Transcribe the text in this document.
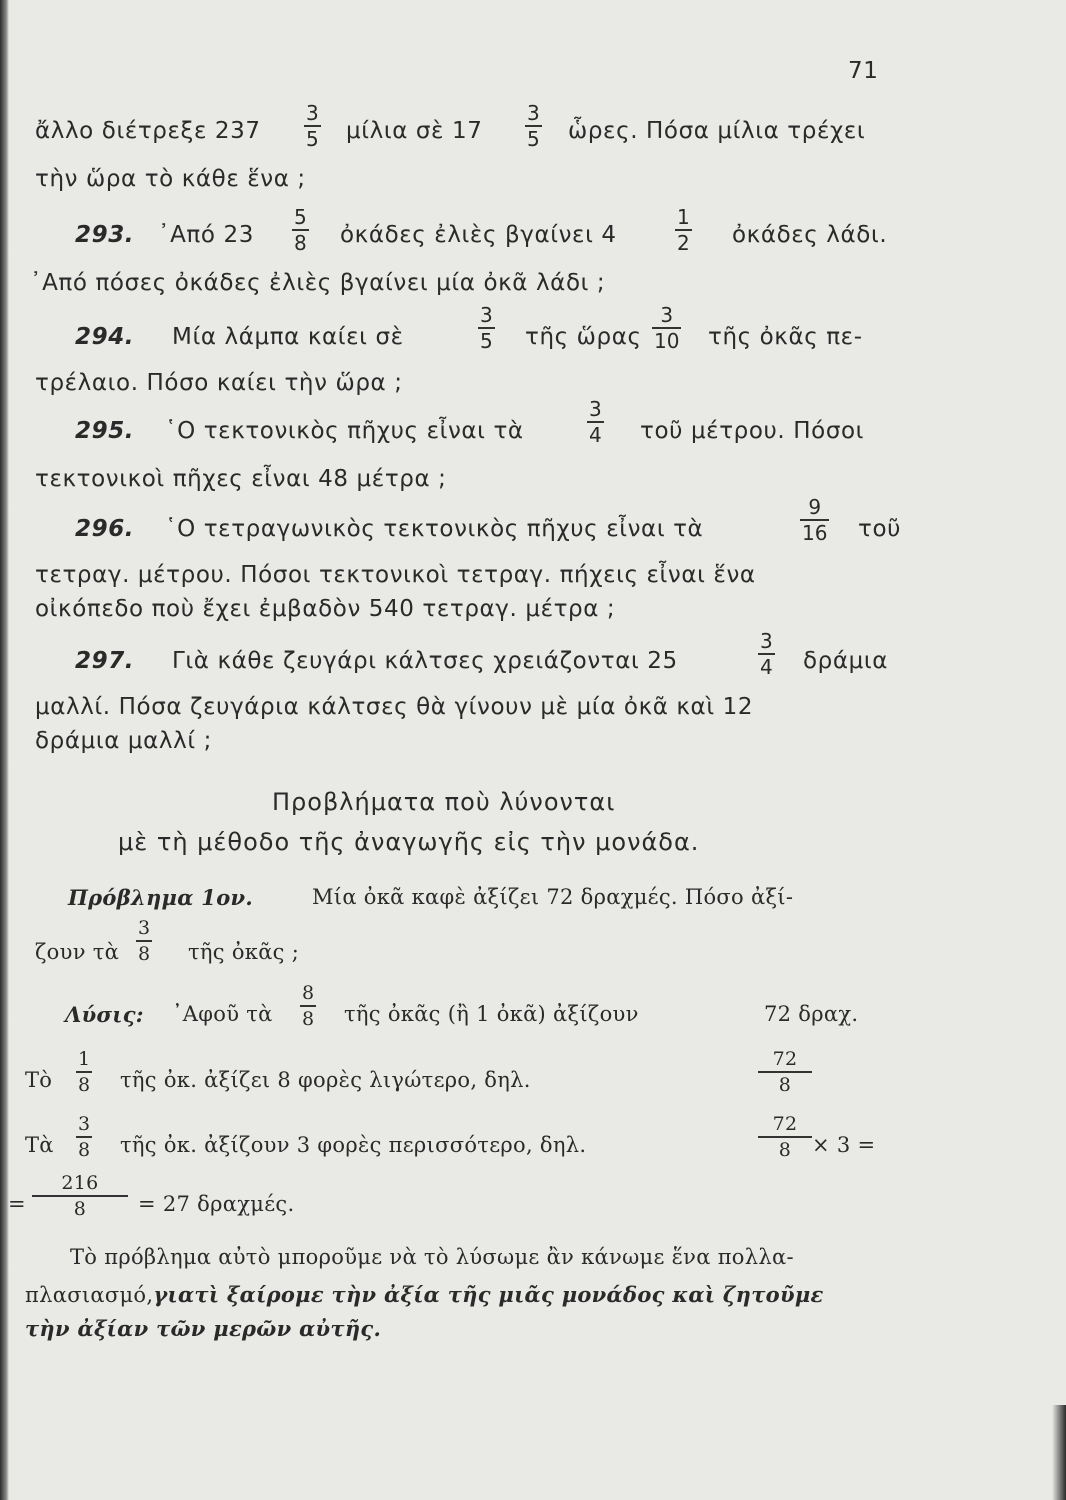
71
ἄλλο διέτρεξε 237
3
5 μίλια σὲ 17
3
5 ὧρες. Πόσα μίλια τρέχει
τὴν ὥρα τὸ κάθε ἕνα ;
293. ᾿Από 23
5
8 ὀκάδες ἐλιὲς βγαίνει 4
1
2 ὀκάδες λάδι.
᾿Από πόσες ὀκάδες ἐλιὲς βγαίνει μία ὀκᾶ λάδι ;
294. Μία λάμπα καίει σὲ
3
5 τῆς ὥρας
3
10 τῆς ὀκᾶς πε-
τρέλαιο. Πόσο καίει τὴν ὥρα ;
295. ῾Ο τεκτονικὸς πῆχυς εἶναι τὰ
3
4 τοῦ μέτρου. Πόσοι
τεκτονικοὶ πῆχες εἶναι 48 μέτρα ;
296. ῾Ο τετραγωνικὸς τεκτονικὸς πῆχυς εἶναι τὰ
9
16 τοῦ
τετραγ. μέτρου. Πόσοι τεκτονικοὶ τετραγ. πήχεις εἶναι ἕνα
οἰκόπεδο ποὺ ἔχει ἐμβαδὸν 540 τετραγ. μέτρα ;
297. Γιὰ κάθε ζευγάρι κάλτσες χρειάζονται 25
3
4 δράμια
μαλλί. Πόσα ζευγάρια κάλτσες θὰ γίνουν μὲ μία ὀκᾶ καὶ 12
δράμια μαλλί ;
Προβλήματα ποὺ λύνονται
μὲ τὴ μέθοδο τῆς ἀναγωγῆς εἰς τὴν μονάδα.
Πρόβλημα 1ον.	Μία ὀκᾶ καφὲ ἀξίζει 72 δραχμές. Πόσο ἀξί-
ζουν τὰ
3
8 τῆς ὀκᾶς ;
Λύσις: ᾿Αφοῦ τὰ
8
8 τῆς ὀκᾶς (ἢ 1 ὀκᾶ) ἀξίζουν	72 δραχ.
Τὸ
1
8 τῆς ὀκ. ἀξίζει 8 φορὲς λιγώτερο, δηλ.
72
8
Τὰ
3
8 τῆς ὀκ. ἀξίζουν 3 φορὲς περισσότερο, δηλ.
72
8 × 3 =
=
216
8 = 27 δραχμές.
Τὸ πρόβλημα αὐτὸ μποροῦμε νὰ τὸ λύσωμε ἂν κάνωμε ἕνα πολλα-
πλασιασμό,γιατὶ ξαίρομε τὴν ἀξία τῆς μιᾶς μονάδος καὶ ζητοῦμε
τὴν ἀξίαν τῶν μερῶν αὐτῆς.
